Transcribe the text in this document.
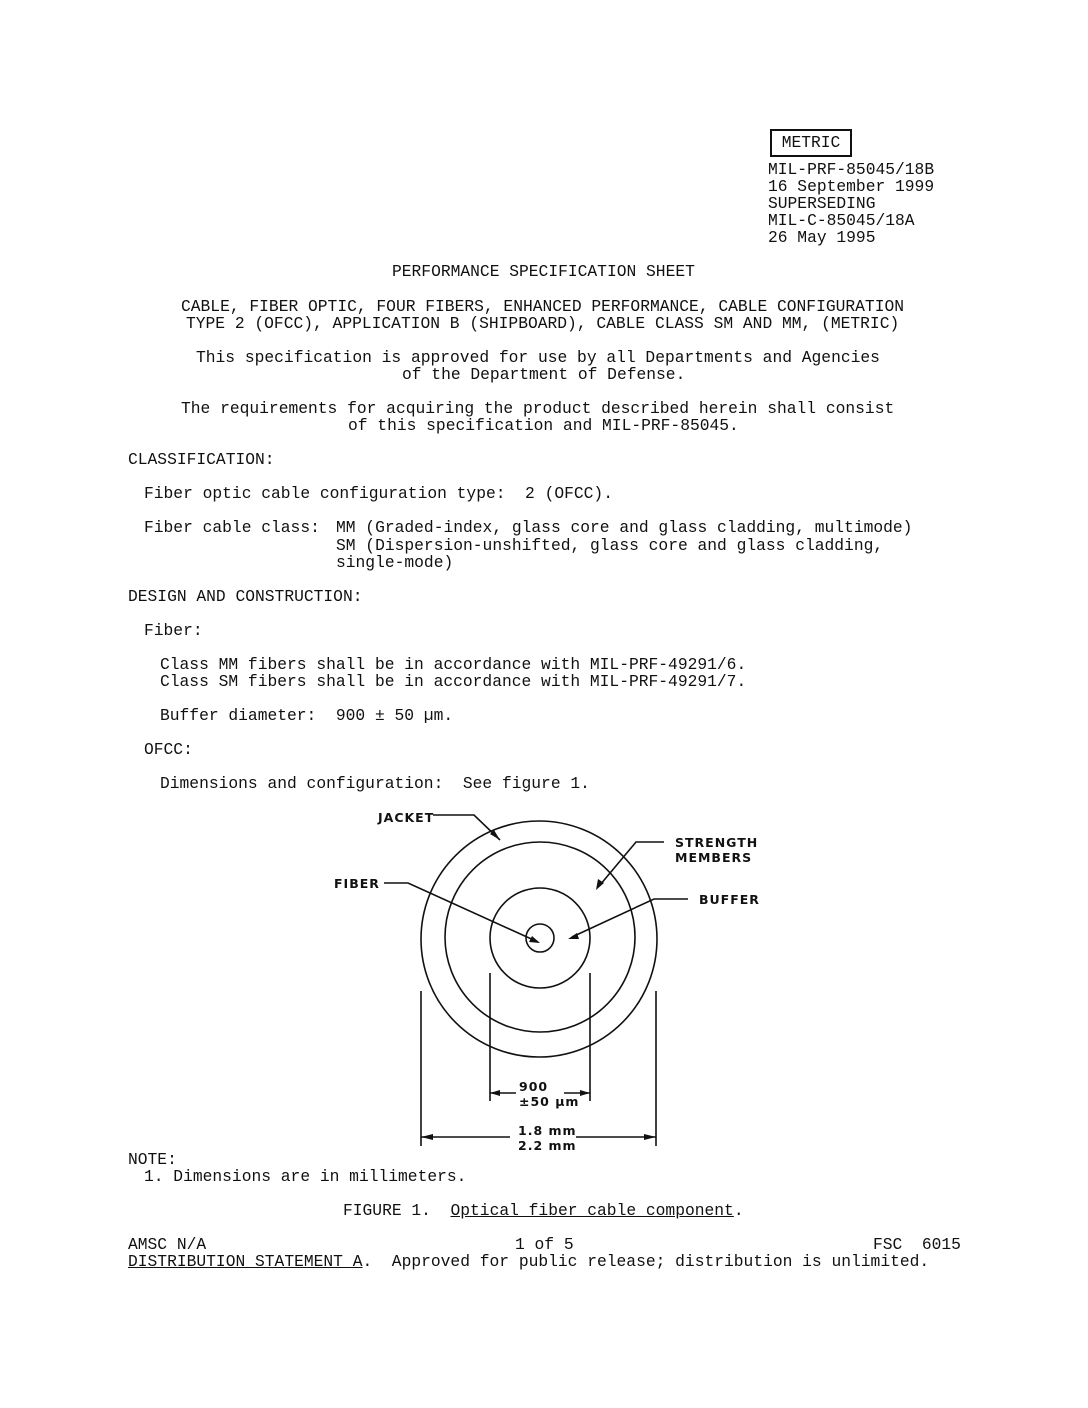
METRIC
MIL-PRF-85045/18B
16 September 1999
SUPERSEDING
MIL-C-85045/18A
26 May 1995
PERFORMANCE SPECIFICATION SHEET
CABLE, FIBER OPTIC, FOUR FIBERS, ENHANCED PERFORMANCE, CABLE CONFIGURATION
TYPE 2 (OFCC), APPLICATION B (SHIPBOARD), CABLE CLASS SM AND MM, (METRIC)
This specification is approved for use by all Departments and Agencies
of the Department of Defense.
The requirements for acquiring the product described herein shall consist
of this specification and MIL-PRF-85045.
CLASSIFICATION:
Fiber optic cable configuration type:  2 (OFCC).
Fiber cable class: MM (Graded-index, glass core and glass cladding, multimode)
SM (Dispersion-unshifted, glass core and glass cladding,
single-mode)
DESIGN AND CONSTRUCTION:
Fiber:
Class MM fibers shall be in accordance with MIL-PRF-49291/6.
Class SM fibers shall be in accordance with MIL-PRF-49291/7.
Buffer diameter:  900 ± 50 µm.
OFCC:
Dimensions and configuration:  See figure 1.
JACKET
STRENGTH
MEMBERS
FIBER
BUFFER
900
±50 µm
1.8 mm
2.2 mm
NOTE:
1. Dimensions are in millimeters.
FIGURE 1. Optical fiber cable component.
AMSC N/A	1 of 5	FSC  6015
DISTRIBUTION STATEMENT A.  Approved for public release; distribution is unlimited.
